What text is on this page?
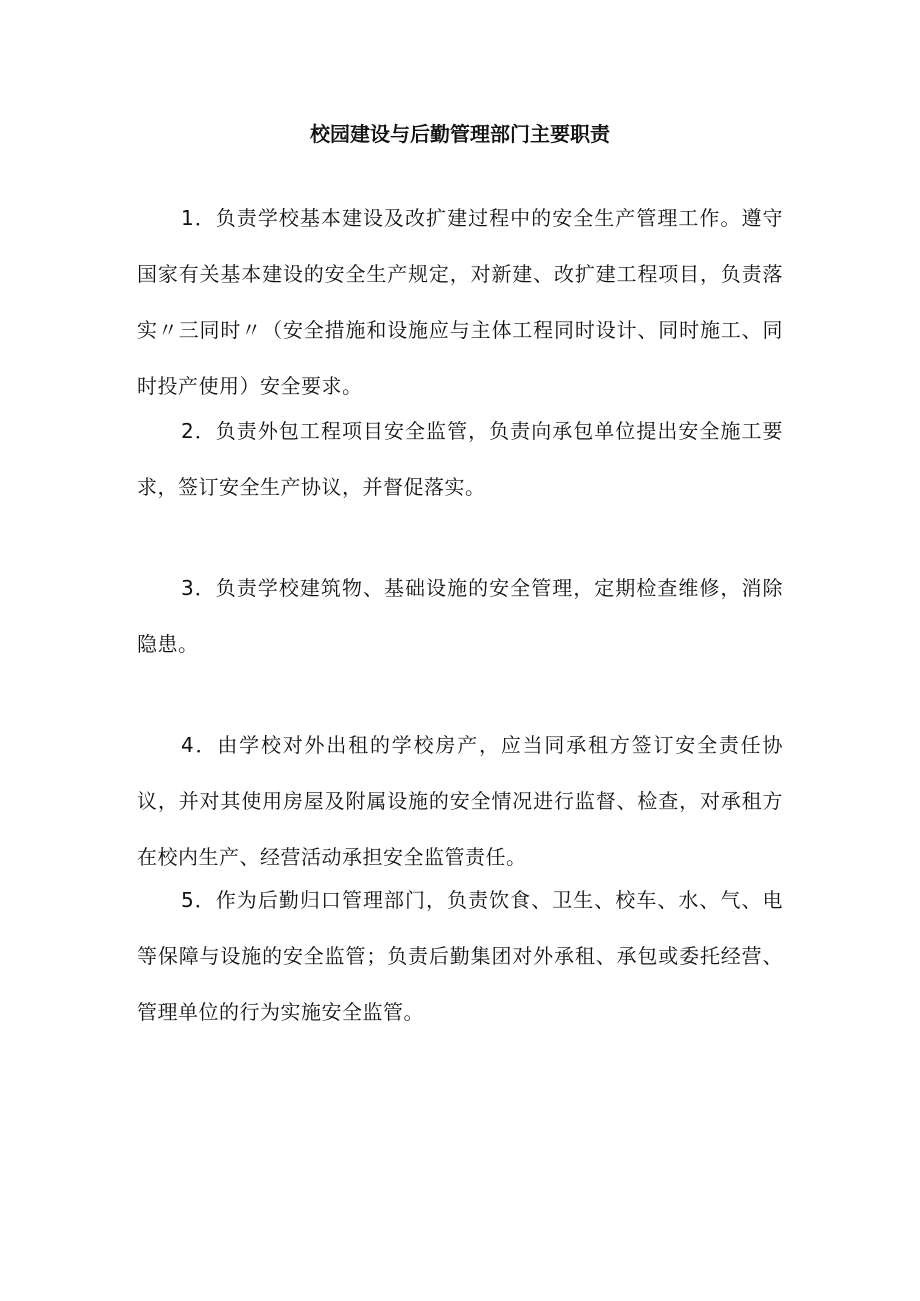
校园建设与后勤管理部门主要职责

1．负责学校基本建设及改扩建过程中的安全生产管理工作。遵守国家有关基本建设的安全生产规定，对新建、改扩建工程项目，负责落实〃三同时〃（安全措施和设施应与主体工程同时设计、同时施工、同时投产使用）安全要求。

2．负责外包工程项目安全监管，负责向承包单位提出安全施工要求，签订安全生产协议，并督促落实。

3．负责学校建筑物、基础设施的安全管理，定期检查维修，消除隐患。

4．由学校对外出租的学校房产，应当同承租方签订安全责任协议，并对其使用房屋及附属设施的安全情况进行监督、检查，对承租方在校内生产、经营活动承担安全监管责任。

5．作为后勤归口管理部门，负责饮食、卫生、校车、水、气、电等保障与设施的安全监管；负责后勤集团对外承租、承包或委托经营、管理单位的行为实施安全监管。
